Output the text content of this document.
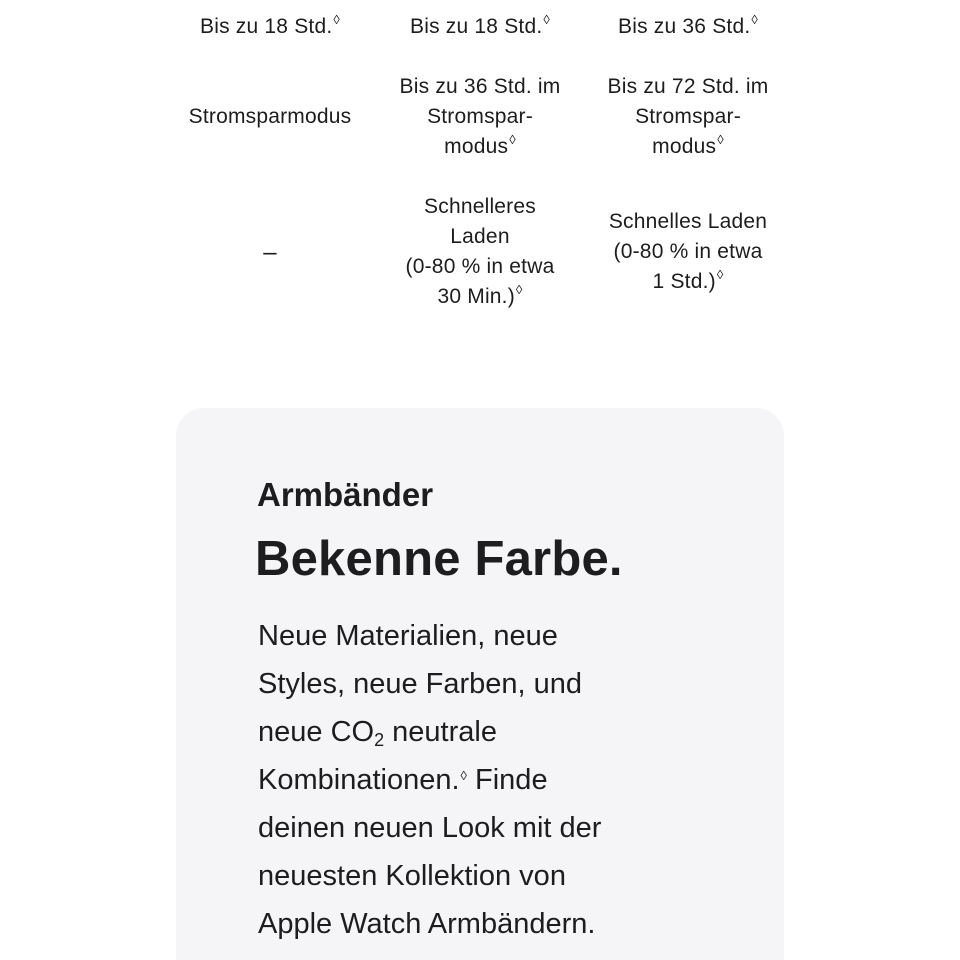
Bis zu 18 Std.◊	Bis zu 18 Std.◊	Bis zu 36 Std.◊
Stromsparmodus
Bis zu 36 Std. im
Stromspar-
modus◊
Bis zu 72 Std. im
Stromspar-
modus◊
–
Schnelleres
Laden
(0-80 % in etwa
30 Min.)◊
Schnelles Laden
(0-80 % in etwa
1 Std.)◊
Armbänder
Bekenne Farbe.
Neue Materialien, neue
Styles, neue Farben, und
neue $CO_2$ neutrale
Kombinationen.◊ Finde
deinen neuen Look mit der
neuesten Kollektion von
Apple Watch Armbändern.
